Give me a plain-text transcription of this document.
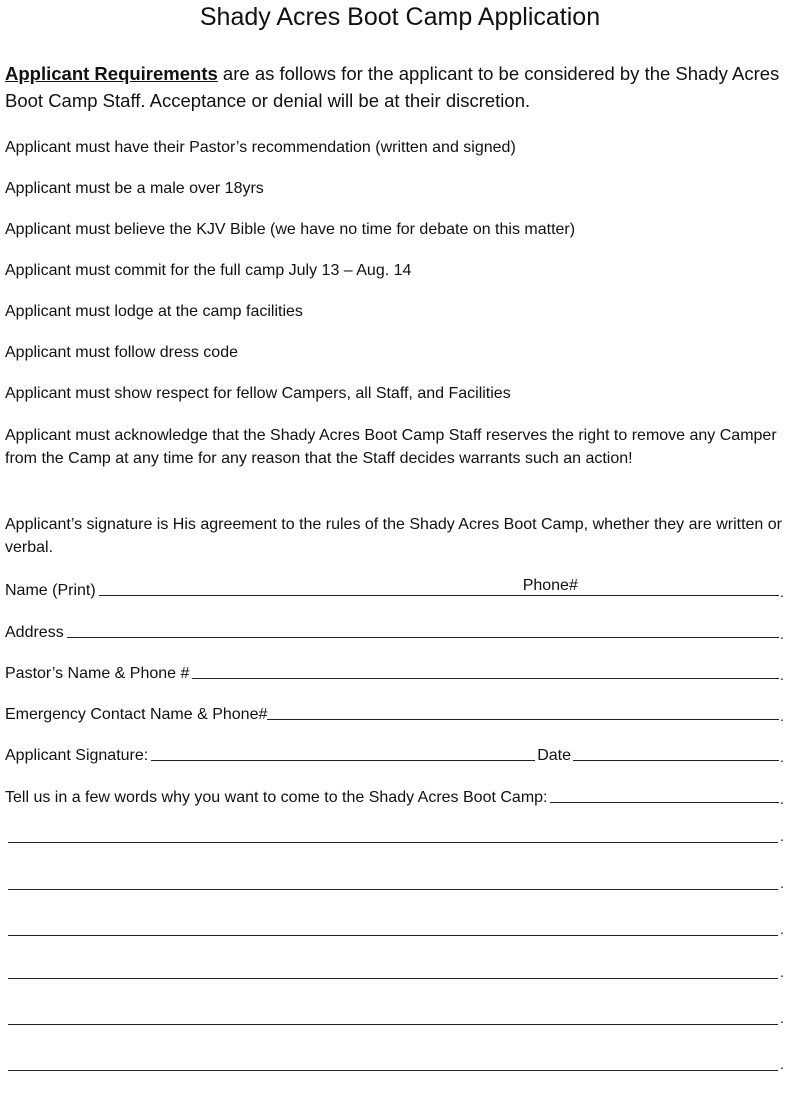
Shady Acres Boot Camp Application
Applicant Requirements are as follows for the applicant to be considered by the Shady Acres Boot Camp Staff. Acceptance or denial will be at their discretion.
Applicant must have their Pastor’s recommendation (written and signed)
Applicant must be a male over 18yrs
Applicant must believe the KJV Bible (we have no time for debate on this matter)
Applicant must commit for the full camp July 13 – Aug. 14
Applicant must lodge at the camp facilities
Applicant must follow dress code
Applicant must show respect for fellow Campers, all Staff, and Facilities
Applicant must acknowledge that the Shady Acres Boot Camp Staff reserves the right to remove any Camper from the Camp at any time for any reason that the Staff decides warrants such an action!
Applicant’s signature is His agreement to the rules of the Shady Acres Boot Camp, whether they are written or verbal.
Name (Print)	Phone#	.
Address	.
Pastor’s Name & Phone #	.
Emergency Contact Name & Phone#	.
Applicant Signature:	Date	.
Tell us in a few words why you want to come to the Shady Acres Boot Camp:	.
.
.
.
.
.
.
